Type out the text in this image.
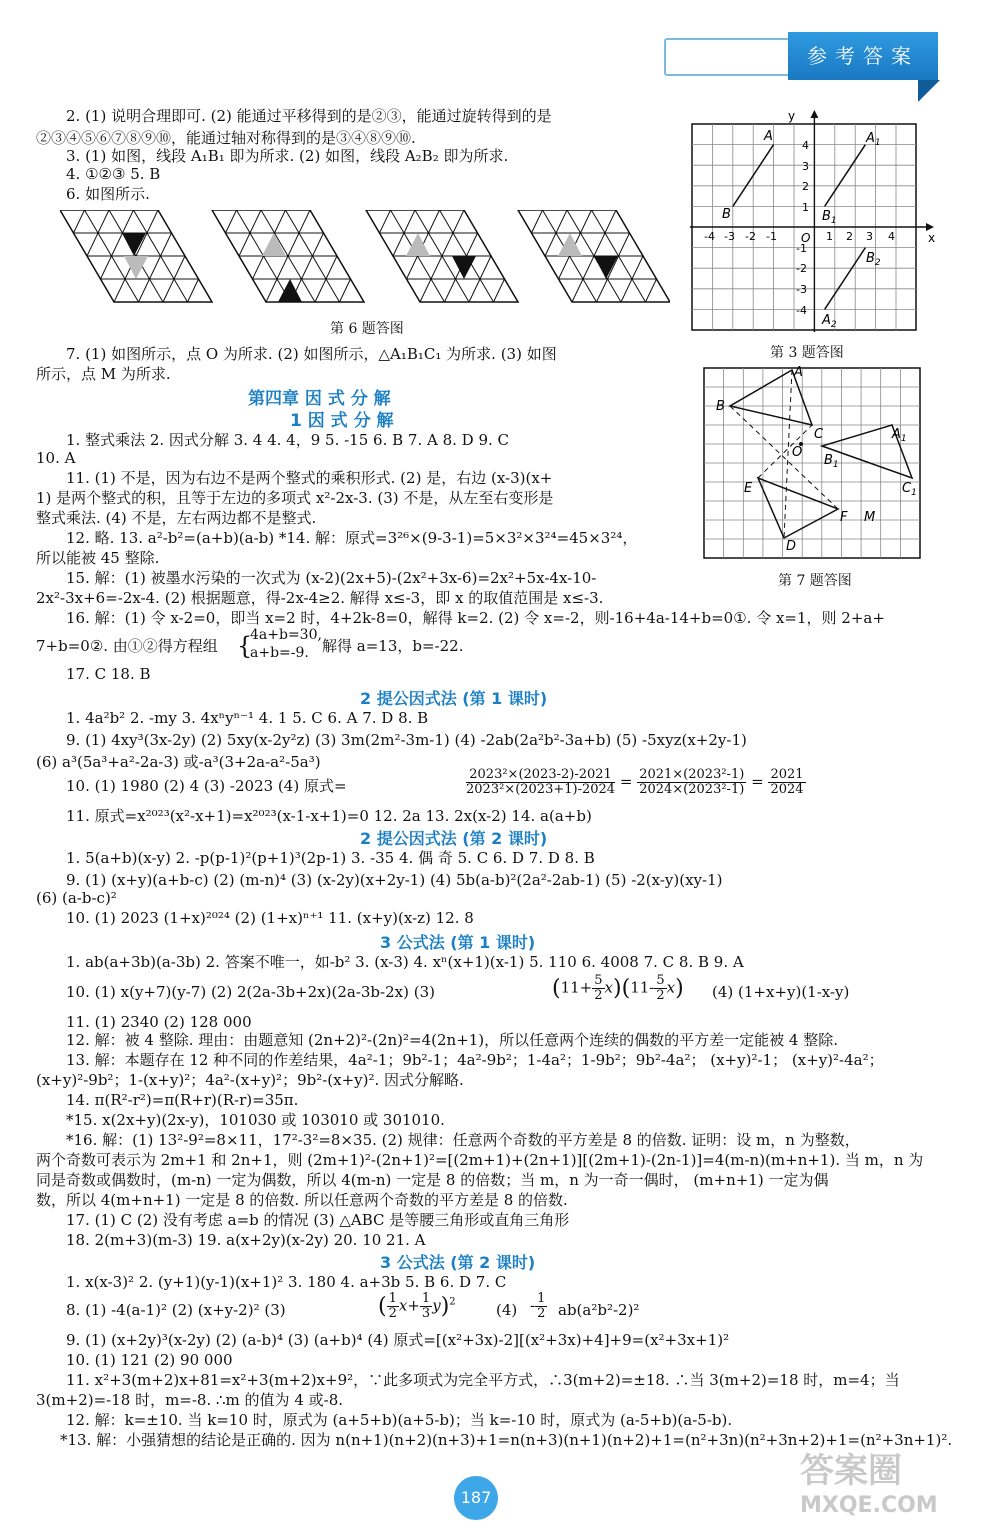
参考答案
2. (1) 说明合理即可. (2) 能通过平移得到的是②③，能通过旋转得到的是
②③④⑤⑥⑦⑧⑨⑩，能通过轴对称得到的是③④⑧⑨⑩.
3. (1) 如图，线段 A₁B₁ 即为所求. (2) 如图，线段 A₂B₂ 即为所求.
4. ①②③ 5. B
6. 如图所示.
第 6 题答图
7. (1) 如图所示，点 O 为所求. (2) 如图所示，△A₁B₁C₁ 为所求. (3) 如图
所示，点 M 为所求.
y
x
O
-4 -3 -2 -1	1 2 3 4
4
3
2
1
-1
-2
-3
-4
A
B
$A_1$
$B_1$
$B_2$
$A_2$
第 3 题答图
A
B
C
O
$A_1$
$B_1$
$C_1$
E
F M
D
第 7 题答图
第四章 因 式 分 解
1 因 式 分 解
1. 整式乘法 2. 因式分解 3. 4 4. 4，9 5. -15 6. B 7. A 8. D 9. C
10. A
11. (1) 不是，因为右边不是两个整式的乘积形式. (2) 是，右边 (x-3)(x+
1) 是两个整式的积，且等于左边的多项式 x²-2x-3. (3) 不是，从左至右变形是
整式乘法. (4) 不是，左右两边都不是整式.
12. 略. 13. a²-b²=(a+b)(a-b) *14. 解：原式=3²⁶×(9-3-1)=5×3²×3²⁴=45×3²⁴，
所以能被 45 整除.
15. 解：(1) 被墨水污染的一次式为 (x-2)(2x+5)-(2x²+3x-6)=2x²+5x-4x-10-
2x²-3x+6=-2x-4. (2) 根据题意，得-2x-4≥2. 解得 x≤-3，即 x 的取值范围是 x≤-3.
16. 解：(1) 令 x-2=0，即当 x=2 时，4+2k-8=0，解得 k=2. (2) 令 x=-2，则-16+4a-14+b=0①. 令 x=1，则 2+a+
7+b=0②. 由①②得方程组 {
4a+b=30,
a+b=-9. 解得 a=13，b=-22.
17. C 18. B
2 提公因式法 (第 1 课时)
1. 4a²b² 2. -my 3. 4xⁿyⁿ⁻¹ 4. 1 5. C 6. A 7. D 8. B
9. (1) 4xy³(3x-2y) (2) 5xy(x-2y²z) (3) 3m(2m²-3m-1) (4) -2ab(2a²b²-3a+b) (5) -5xyz(x+2y-1)
(6) a³(5a³+a²-2a-3) 或-a³(3+2a-a²-5a³)
10. (1) 1980 (2) 4 (3) -2023 (4) 原式=	$\frac{\text{2023²×(2023-2)-2021}}{\text{2023²×(2023+1)-2024}} = \frac{\text{2021×(2023²-1)}}{\text{2024×(2023²-1)}} = \frac{2021}{2024}$
11. 原式=x²⁰²³(x²-x+1)=x²⁰²³(x-1-x+1)=0 12. 2a 13. 2x(x-2) 14. a(a+b)
2 提公因式法 (第 2 课时)
1. 5(a+b)(x-y) 2. -p(p-1)²(p+1)³(2p-1) 3. -35 4. 偶 奇 5. C 6. D 7. D 8. B
9. (1) (x+y)(a+b-c) (2) (m-n)⁴ (3) (x-2y)(x+2y-1) (4) 5b(a-b)²(2a²-2ab-1) (5) -2(x-y)(xy-1)
(6) (a-b-c)²
10. (1) 2023 (1+x)²⁰²⁴ (2) (1+x)ⁿ⁺¹ 11. (x+y)(x-z) 12. 8
3 公式法 (第 1 课时)
1. ab(a+3b)(a-3b) 2. 答案不唯一，如-b² 3. (x-3) 4. xⁿ(x+1)(x-1) 5. 110 6. 4008 7. C 8. B 9. A
10. (1) x(y+7)(y-7) (2) 2(2a-3b+2x)(2a-3b-2x) (3)	$(11+ \frac{5}{2} x)(11- \frac{5}{2} x)$ (4) (1+x+y)(1-x-y)
11. (1) 2340 (2) 128 000
12. 解：被 4 整除. 理由：由题意知 (2n+2)²-(2n)²=4(2n+1)，所以任意两个连续的偶数的平方差一定能被 4 整除.
13. 解：本题存在 12 种不同的作差结果，4a²-1；9b²-1；4a²-9b²；1-4a²；1-9b²；9b²-4a²； (x+y)²-1； (x+y)²-4a²；
(x+y)²-9b²；1-(x+y)²；4a²-(x+y)²；9b²-(x+y)². 因式分解略.
14. π(R²-r²)=π(R+r)(R-r)=35π.
*15. x(2x+y)(2x-y)，101030 或 103010 或 301010.
*16. 解：(1) 13²-9²=8×11，17²-3²=8×35. (2) 规律：任意两个奇数的平方差是 8 的倍数. 证明：设 m，n 为整数，
两个奇数可表示为 2m+1 和 2n+1，则 (2m+1)²-(2n+1)²=[(2m+1)+(2n+1)][(2m+1)-(2n-1)]=4(m-n)(m+n+1). 当 m，n 为
同是奇数或偶数时，(m-n) 一定为偶数，所以 4(m-n) 一定是 8 的倍数；当 m，n 为一奇一偶时， (m+n+1) 一定为偶
数，所以 4(m+n+1) 一定是 8 的倍数. 所以任意两个奇数的平方差是 8 的倍数.
17. (1) C (2) 没有考虑 a=b 的情况 (3) △ABC 是等腰三角形或直角三角形
18. 2(m+3)(m-3) 19. a(x+2y)(x-2y) 20. 10 21. A
3 公式法 (第 2 课时)
1. x(x-3)² 2. (y+1)(y-1)(x+1)² 3. 180 4. a+3b 5. B 6. D 7. C
8. (1) -4(a-1)² (2) (x+y-2)² (3)	( $\frac{1}{2} x+ \frac{1}{3} y)^2$	$(4) - \frac{1}{2} ab(a^2b^2-2)^2$
9. (1) (x+2y)³(x-2y) (2) (a-b)⁴ (3) (a+b)⁴ (4) 原式=[(x²+3x)-2][(x²+3x)+4]+9=(x²+3x+1)²
10. (1) 121 (2) 90 000
11. x²+3(m+2)x+81=x²+3(m+2)x+9²，∵此多项式为完全平方式，∴3(m+2)=±18. ∴当 3(m+2)=18 时，m=4；当
3(m+2)=-18 时，m=-8. ∴m 的值为 4 或-8.
12. 解：k=±10. 当 k=10 时，原式为 (a+5+b)(a+5-b)；当 k=-10 时，原式为 (a-5+b)(a-5-b).
*13. 解：小强猜想的结论是正确的. 因为 n(n+1)(n+2)(n+3)+1=n(n+3)(n+1)(n+2)+1=(n²+3n)(n²+3n+2)+1=(n²+3n+1)².
187
答案圈
MXQE.COM
